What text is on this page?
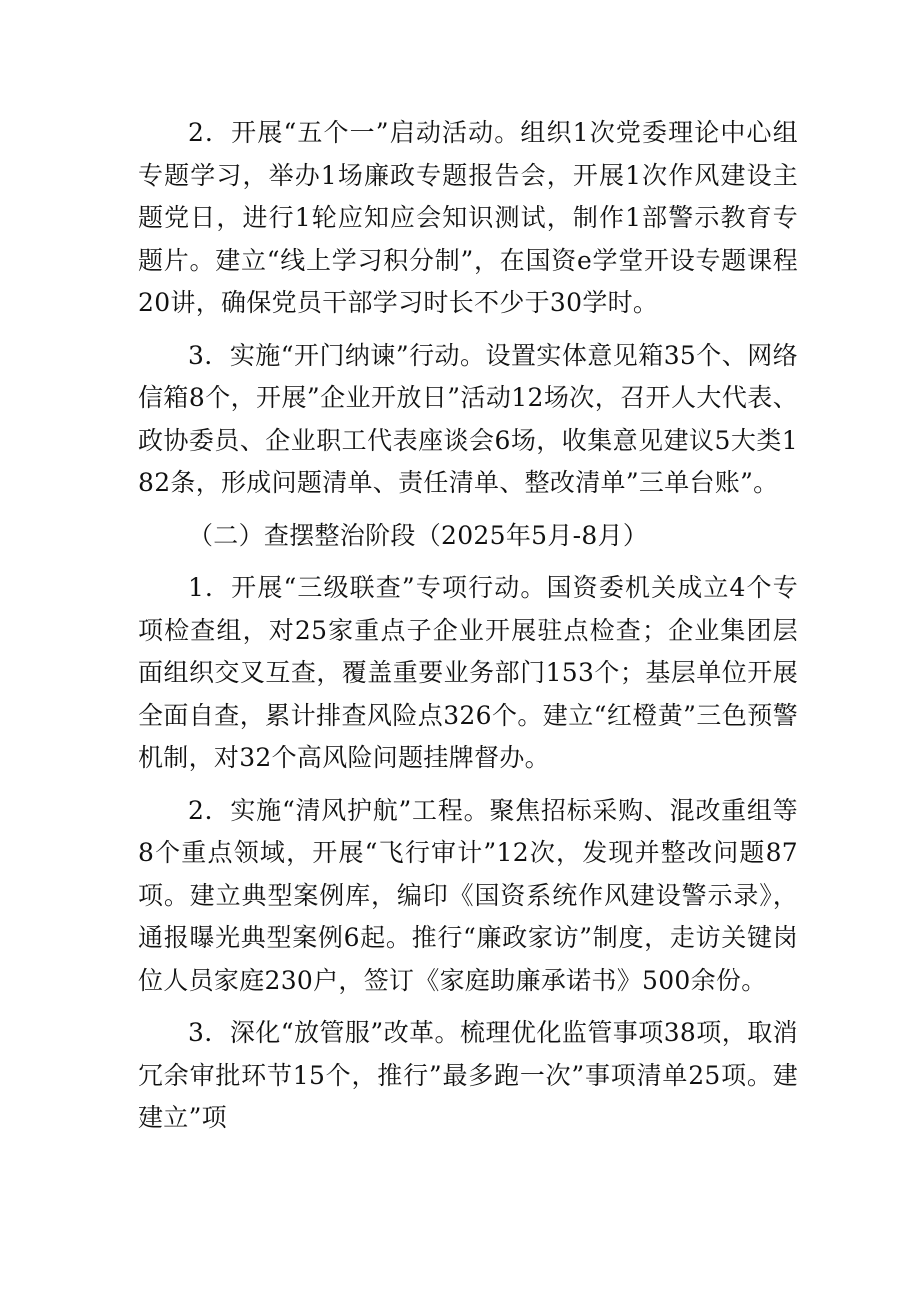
2．开展“五个一”启动活动。组织1次党委理论中心组专题学习，举办1场廉政专题报告会，开展1次作风建设主题党日，进行1轮应知应会知识测试，制作1部警示教育专题片。建立“线上学习积分制”，在国资e学堂开设专题课程20讲，确保党员干部学习时长不少于30学时。

3．实施“开门纳谏”行动。设置实体意见箱35个、网络信箱8个，开展”企业开放日”活动12场次，召开人大代表、政协委员、企业职工代表座谈会6场，收集意见建议5大类182条，形成问题清单、责任清单、整改清单”三单台账”。

（二）查摆整治阶段（2025年5月-8月）

1．开展“三级联查”专项行动。国资委机关成立4个专项检查组，对25家重点子企业开展驻点检查；企业集团层面组织交叉互查，覆盖重要业务部门153个；基层单位开展全面自查，累计排查风险点326个。建立“红橙黄”三色预警机制，对32个高风险问题挂牌督办。

2．实施“清风护航”工程。聚焦招标采购、混改重组等8个重点领域，开展“飞行审计”12次，发现并整改问题87项。建立典型案例库，编印《国资系统作风建设警示录》，通报曝光典型案例6起。推行“廉政家访”制度，走访关键岗位人员家庭230户，签订《家庭助廉承诺书》500余份。

3．深化“放管服”改革。梳理优化监管事项38项，取消冗余审批环节15个，推行”最多跑一次”事项清单25项。建建立”项
